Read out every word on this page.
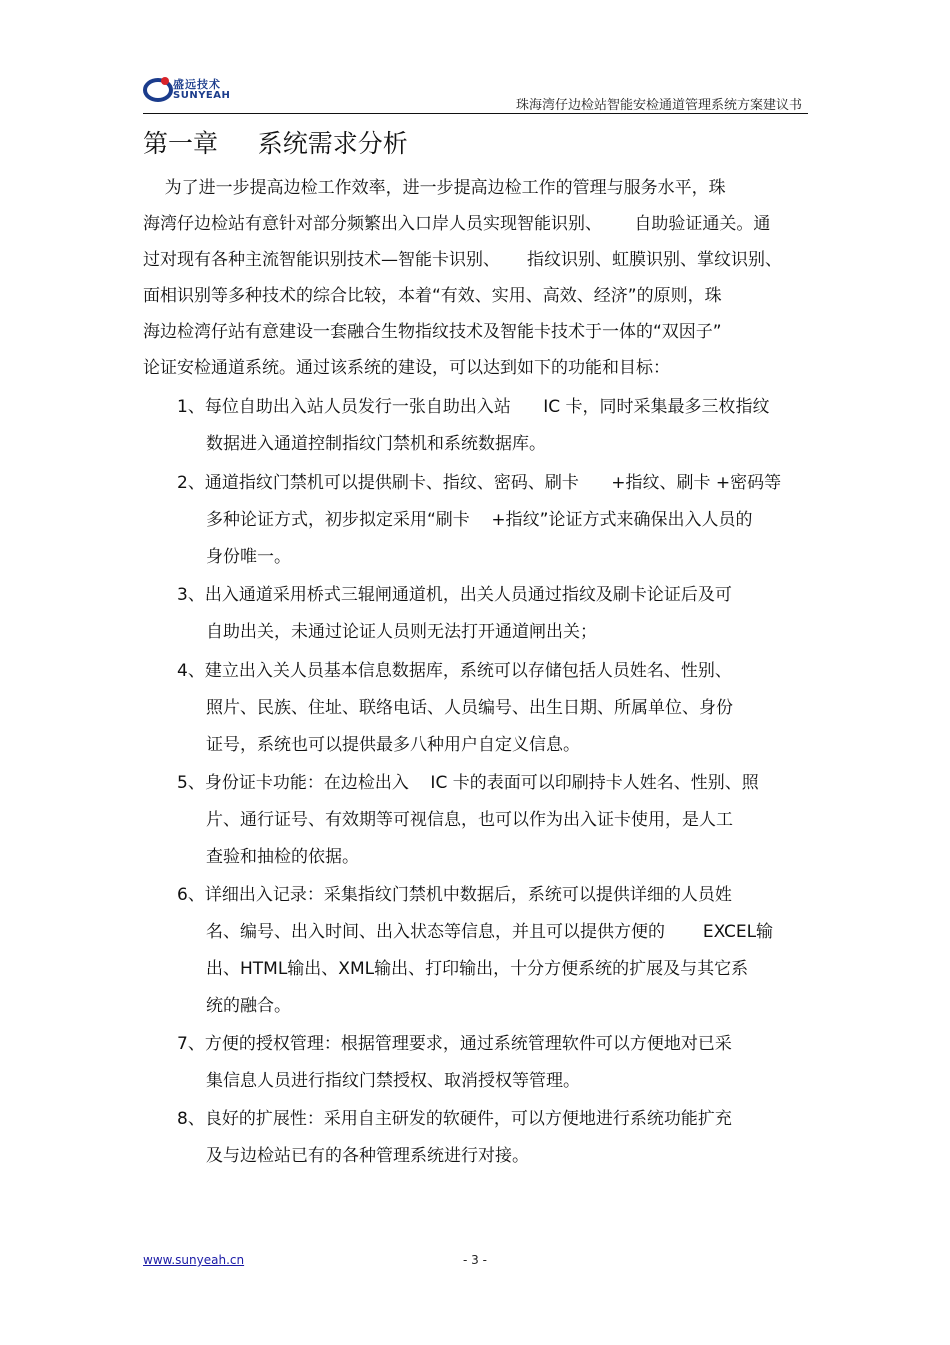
盛远技术
SUNYEAH
珠海湾仔边检站智能安检通道管理系统方案建议书
第一章     系统需求分析
为了进一步提高边检工作效率，进一步提高边检工作的管理与服务水平，珠
海湾仔边检站有意针对部分频繁出入口岸人员实现智能识别、      自助验证通关。通
过对现有各种主流智能识别技术—智能卡识别、     指纹识别、虹膜识别、掌纹识别、
面相识别等多种技术的综合比较，本着“有效、实用、高效、经济”的原则，珠
海边检湾仔站有意建设一套融合生物指纹技术及智能卡技术于一体的“双因子”
论证安检通道系统。通过该系统的建设，可以达到如下的功能和目标：
1、每位自助出入站人员发行一张自助出入站      IC 卡，同时采集最多三枚指纹
数据进入通道控制指纹门禁机和系统数据库。
2、通道指纹门禁机可以提供刷卡、指纹、密码、刷卡      +指纹、刷卡 +密码等
多种论证方式，初步拟定采用“刷卡    +指纹”论证方式来确保出入人员的
身份唯一。
3、出入通道采用桥式三辊闸通道机，出关人员通过指纹及刷卡论证后及可
自助出关，未通过论证人员则无法打开通道闸出关；
4、建立出入关人员基本信息数据库，系统可以存储包括人员姓名、性别、
照片、民族、住址、联络电话、人员编号、出生日期、所属单位、身份
证号，系统也可以提供最多八种用户自定义信息。
5、身份证卡功能：在边检出入    IC 卡的表面可以印刷持卡人姓名、性别、照
片、通行证号、有效期等可视信息，也可以作为出入证卡使用，是人工
查验和抽检的依据。
6、详细出入记录：采集指纹门禁机中数据后，系统可以提供详细的人员姓
名、编号、出入时间、出入状态等信息，并且可以提供方便的       EXCEL输
出、HTML输出、XML输出、打印输出，十分方便系统的扩展及与其它系
统的融合。
7、方便的授权管理：根据管理要求，通过系统管理软件可以方便地对已采
集信息人员进行指纹门禁授权、取消授权等管理。
8、良好的扩展性：采用自主研发的软硬件，可以方便地进行系统功能扩充
及与边检站已有的各种管理系统进行对接。
www.sunyeah.cn	- 3 -
